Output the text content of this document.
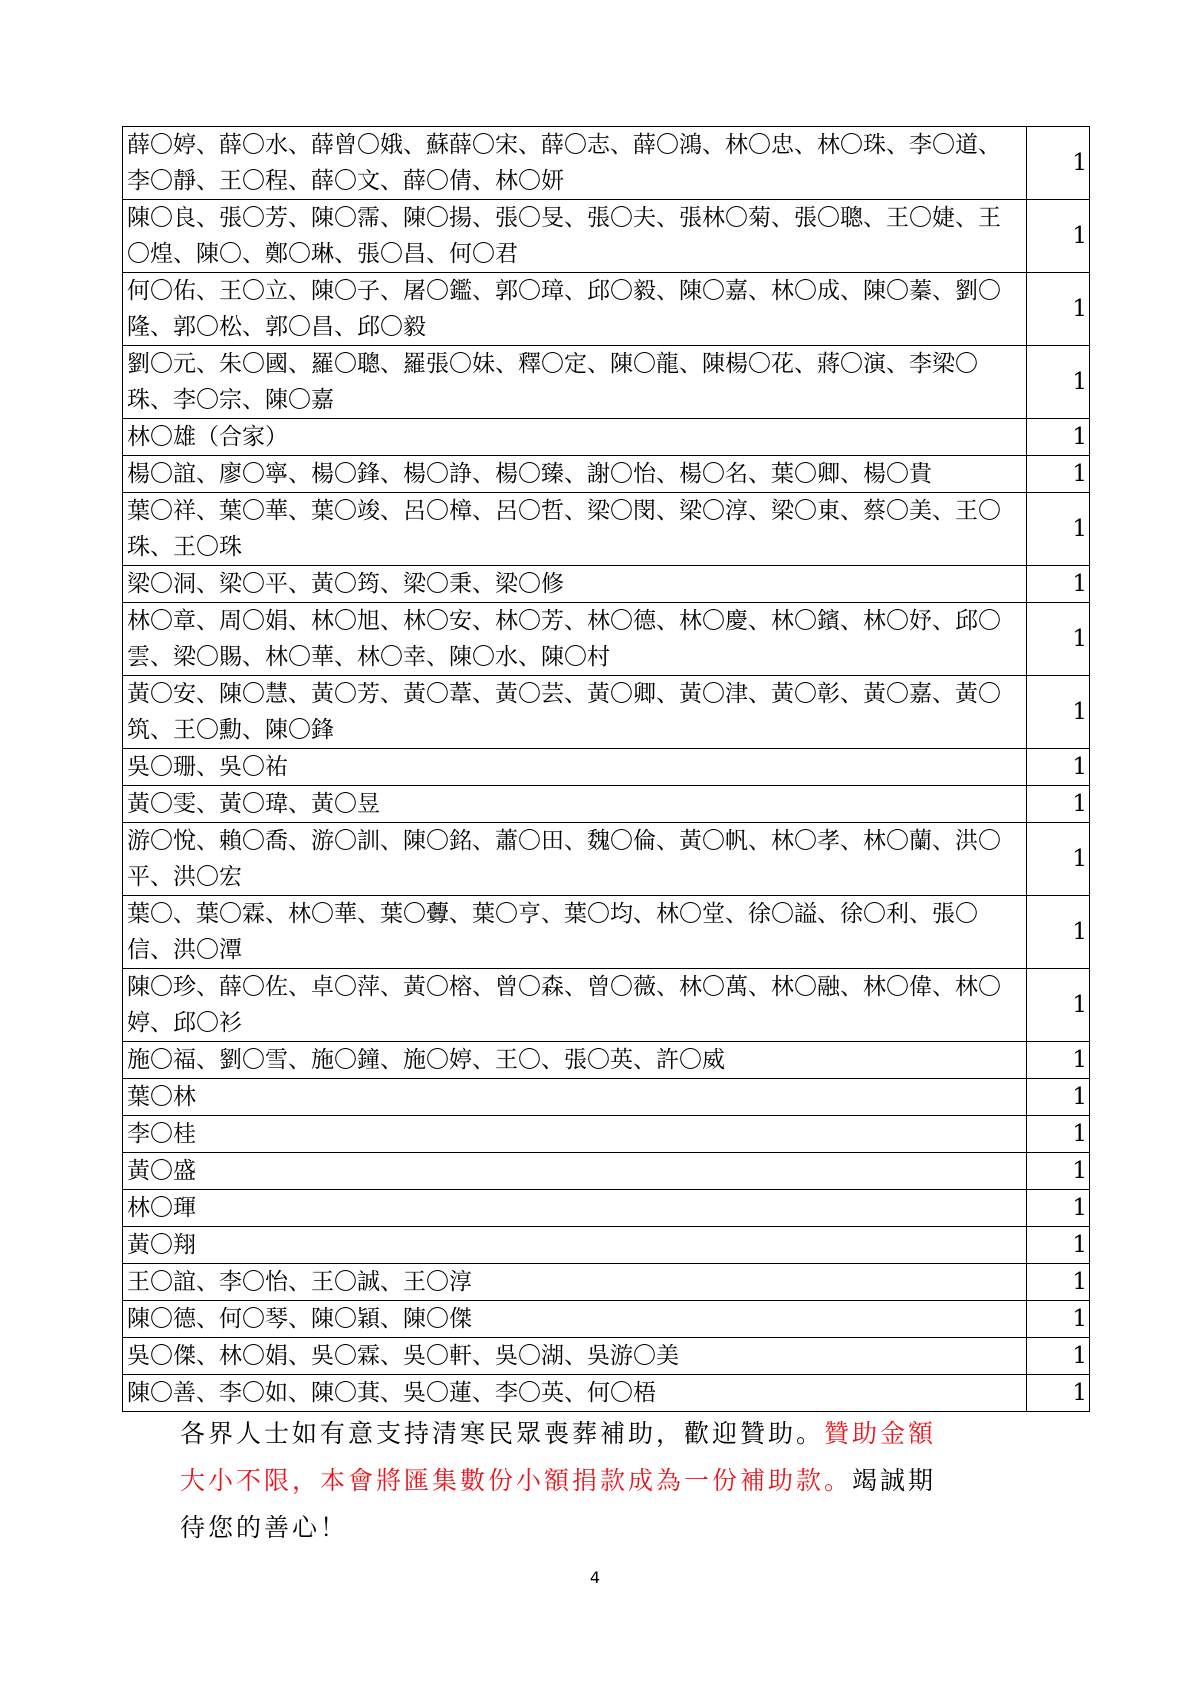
薛〇婷、薛〇水、薛曾〇娥、蘇薛〇宋、薛〇志、薛〇鴻、林〇忠、林〇珠、李〇道、李〇靜、王〇程、薛〇文、薛〇倩、林〇妍	1
陳〇良、張〇芳、陳〇霈、陳〇揚、張〇旻、張〇夫、張林〇菊、張〇聰、王〇婕、王〇煌、陳〇、鄭〇琳、張〇昌、何〇君	1
何〇佑、王〇立、陳〇子、屠〇鑑、郭〇璋、邱〇毅、陳〇嘉、林〇成、陳〇蓁、劉〇隆、郭〇松、郭〇昌、邱〇毅	1
劉〇元、朱〇國、羅〇聰、羅張〇妹、釋〇定、陳〇龍、陳楊〇花、蔣〇演、李梁〇珠、李〇宗、陳〇嘉	1
林〇雄（合家）	1
楊〇誼、廖〇寧、楊〇鋒、楊〇諍、楊〇臻、謝〇怡、楊〇名、葉〇卿、楊〇貴	1
葉〇祥、葉〇華、葉〇竣、呂〇樟、呂〇哲、梁〇閔、梁〇淳、梁〇東、蔡〇美、王〇珠、王〇珠	1
梁〇洞、梁〇平、黃〇筠、梁〇秉、梁〇修	1
林〇章、周〇娟、林〇旭、林〇安、林〇芳、林〇德、林〇慶、林〇鑌、林〇妤、邱〇雲、梁〇賜、林〇華、林〇幸、陳〇水、陳〇村	1
黃〇安、陳〇慧、黃〇芳、黃〇葦、黃〇芸、黃〇卿、黃〇津、黃〇彰、黃〇嘉、黃〇筑、王〇勳、陳〇鋒	1
吳〇珊、吳〇祐	1
黃〇雯、黃〇瑋、黃〇昱	1
游〇悅、賴〇喬、游〇訓、陳〇銘、蕭〇田、魏〇倫、黃〇帆、林〇孝、林〇蘭、洪〇平、洪〇宏	1
葉〇、葉〇霖、林〇華、葉〇虋、葉〇亨、葉〇均、林〇堂、徐〇謚、徐〇利、張〇信、洪〇潭	1
陳〇珍、薛〇佐、卓〇萍、黃〇榕、曾〇森、曾〇薇、林〇萬、林〇融、林〇偉、林〇婷、邱〇衫	1
施〇福、劉〇雪、施〇鐘、施〇婷、王〇、張〇英、許〇威	1
葉〇林	1
李〇桂	1
黃〇盛	1
林〇琿	1
黃〇翔	1
王〇誼、李〇怡、王〇誠、王〇淳	1
陳〇德、何〇琴、陳〇穎、陳〇傑	1
吳〇傑、林〇娟、吳〇霖、吳〇軒、吳〇湖、吳游〇美	1
陳〇善、李〇如、陳〇萁、吳〇蓮、李〇英、何〇梧	1
各界人士如有意支持清寒民眾喪葬補助，歡迎贊助。贊助金額大小不限，本會將匯集數份小額捐款成為一份補助款。竭誠期待您的善心！
4
